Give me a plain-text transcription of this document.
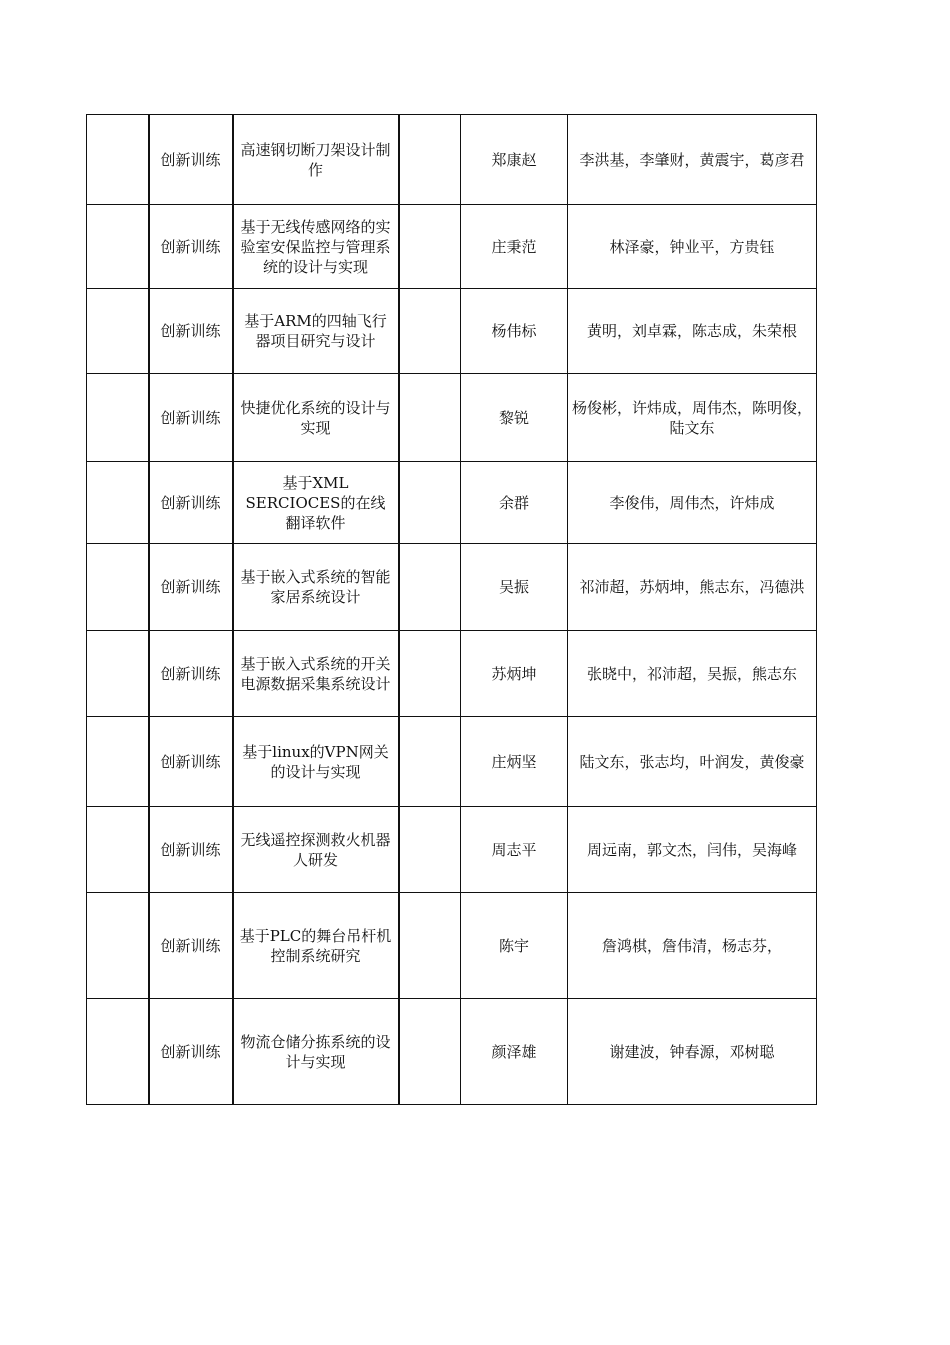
	创新训练	高速钢切断刀架设计制作		郑康赵	李洪基，李肇财，黄震宇，葛彦君
	创新训练	基于无线传感网络的实验室安保监控与管理系统的设计与实现		庄秉范	林泽豪，钟业平，方贵钰
	创新训练	基于ARM的四轴飞行器项目研究与设计		杨伟标	黄明，刘卓霖，陈志成，朱荣根
	创新训练	快捷优化系统的设计与实现		黎锐	杨俊彬，许炜成，周伟杰，陈明俊，陆文东
	创新训练	基于XML SERCIOCES的在线翻译软件		余群	李俊伟，周伟杰，许炜成
	创新训练	基于嵌入式系统的智能家居系统设计		吴振	祁沛超，苏炳坤，熊志东，冯德洪
	创新训练	基于嵌入式系统的开关电源数据采集系统设计		苏炳坤	张晓中，祁沛超，吴振，熊志东
	创新训练	基于linux的VPN网关的设计与实现		庄炳坚	陆文东，张志均，叶润发，黄俊豪
	创新训练	无线遥控探测救火机器人研发		周志平	周远南，郭文杰，闫伟，吴海峰
	创新训练	基于PLC的舞台吊杆机控制系统研究		陈宇	詹鸿棋，詹伟清，杨志芬，
	创新训练	物流仓储分拣系统的设计与实现		颜泽雄	谢建波，钟春源，邓树聪
